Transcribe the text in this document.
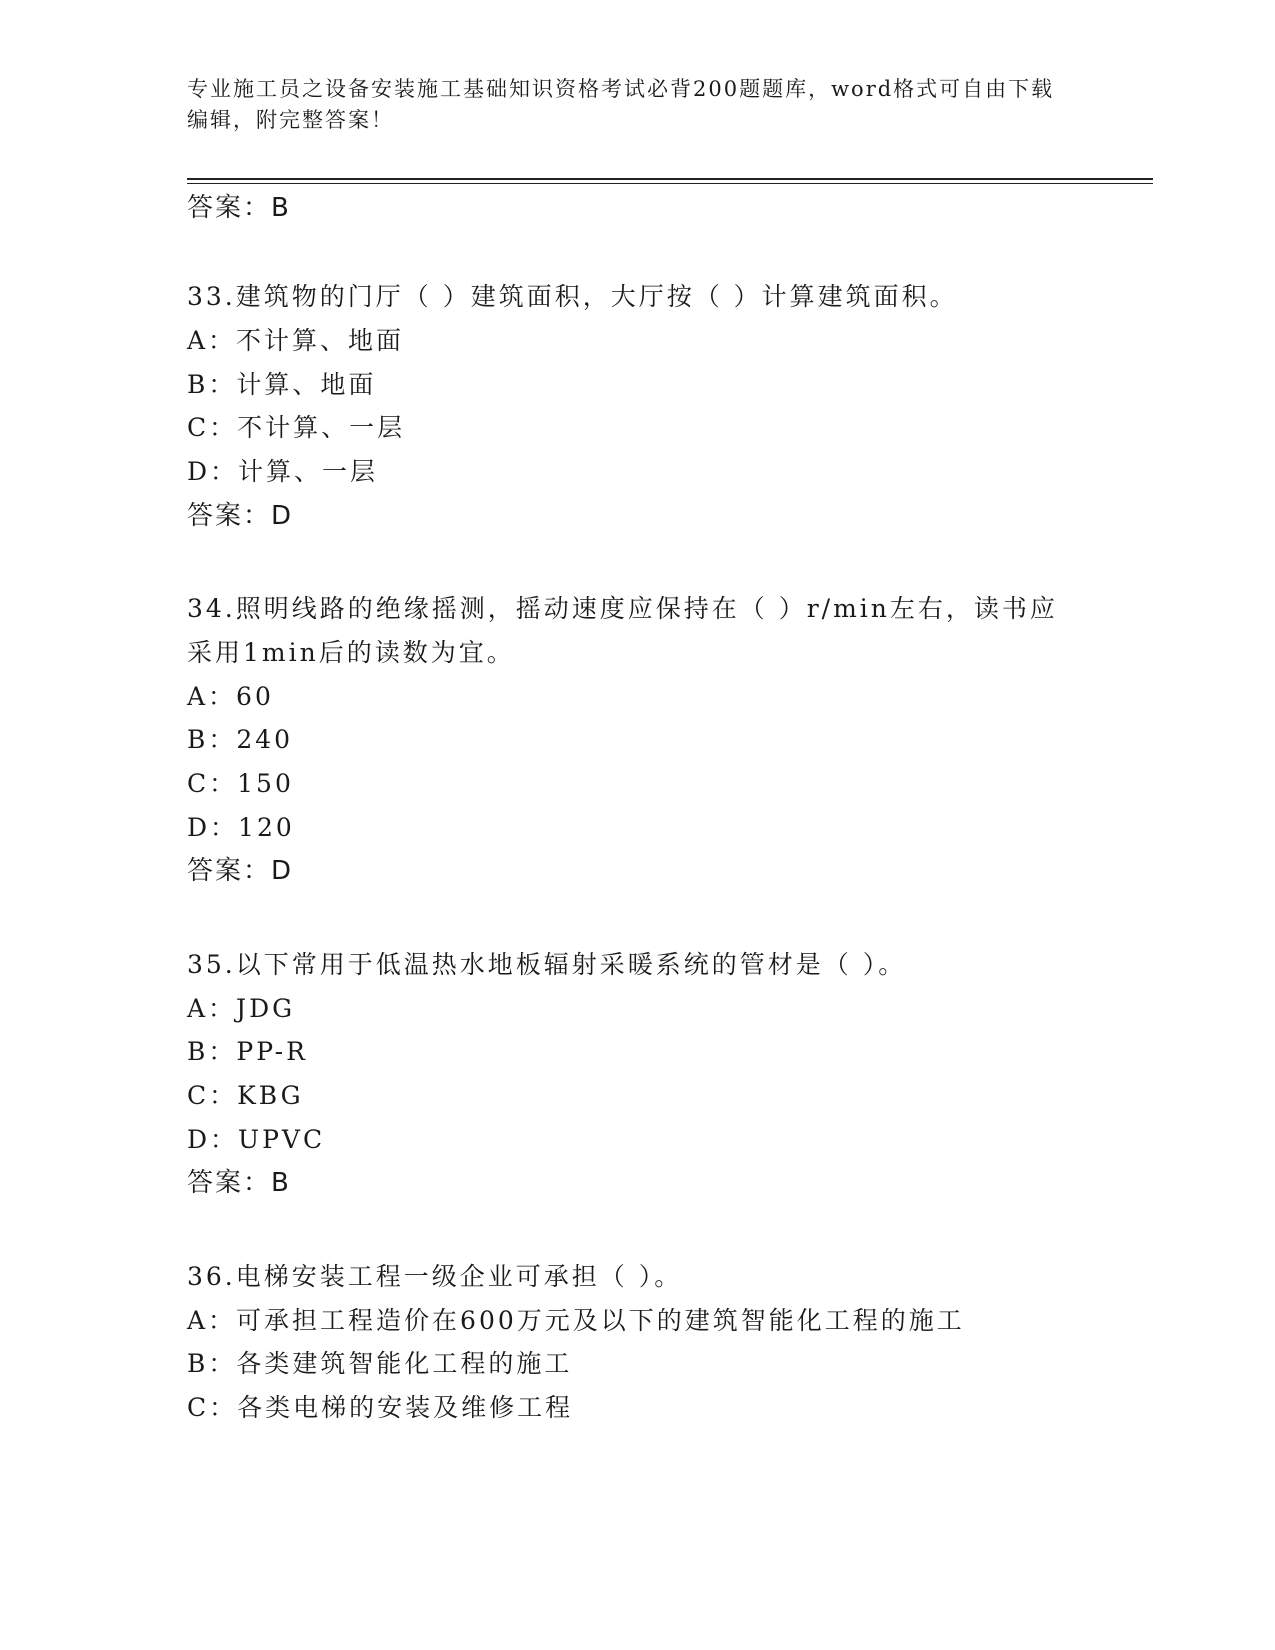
专业施工员之设备安装施工基础知识资格考试必背200题题库，word格式可自由下载编辑，附完整答案！
答案：B
33.建筑物的门厅（ ）建筑面积，大厅按（ ）计算建筑面积。
A：不计算、地面
B：计算、地面
C：不计算、一层
D：计算、一层
答案：D
34.照明线路的绝缘摇测，摇动速度应保持在（ ）r/min左右，读书应
采用1min后的读数为宜。
A：60
B：240
C：150
D：120
答案：D
35.以下常用于低温热水地板辐射采暖系统的管材是（ ）。
A：JDG
B：PP-R
C：KBG
D：UPVC
答案：B
36.电梯安装工程一级企业可承担（ ）。
A：可承担工程造价在600万元及以下的建筑智能化工程的施工
B：各类建筑智能化工程的施工
C：各类电梯的安装及维修工程
